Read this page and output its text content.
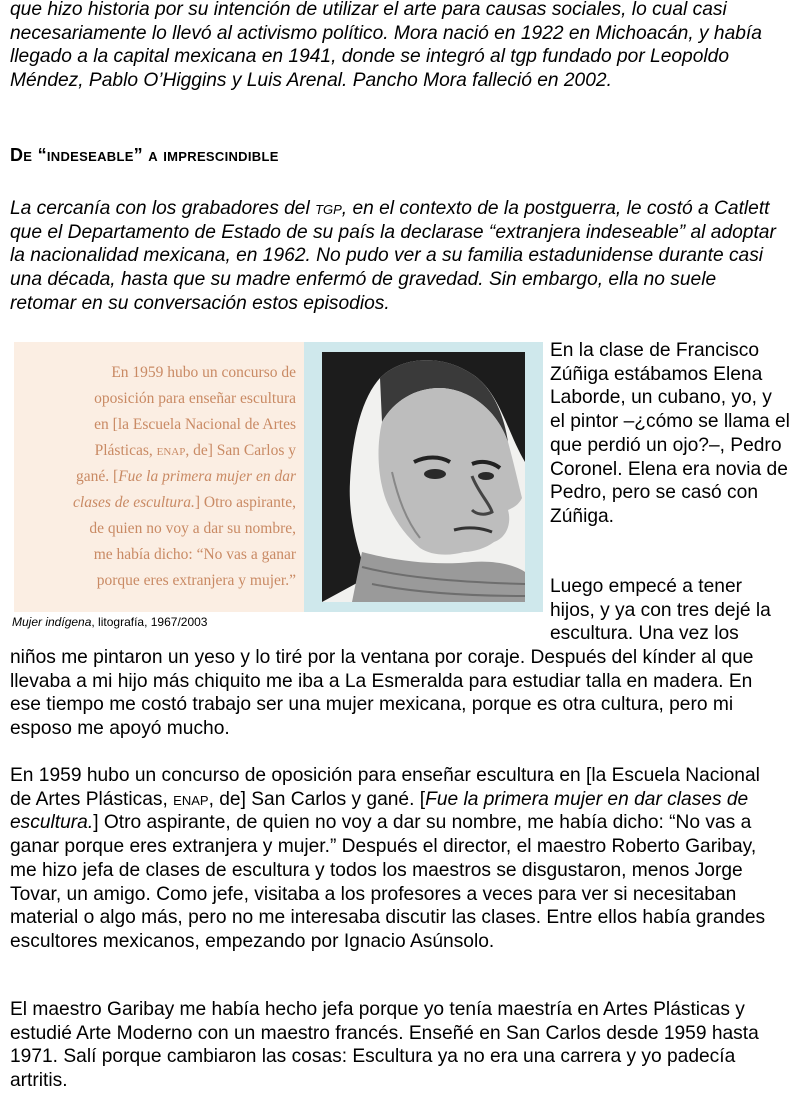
que hizo historia por su intención de utilizar el arte para causas sociales, lo cual casi necesariamente lo llevó al activismo político. Mora nació en 1922 en Michoacán, y había llegado a la capital mexicana en 1941, donde se integró al tgp fundado por Leopoldo Méndez, Pablo O’Higgins y Luis Arenal. Pancho Mora falleció en 2002.

De “indeseable” a imprescindible

La cercanía con los grabadores del tgp, en el contexto de la postguerra, le costó a Catlett que el Departamento de Estado de su país la declarase “extranjera indeseable” al adoptar la nacionalidad mexicana, en 1962. No pudo ver a su familia estadunidense durante casi una década, hasta que su madre enfermó de gravedad. Sin embargo, ella no suele retomar en su conversación estos episodios.

En 1959 hubo un concurso de
oposición para enseñar escultura
en [la Escuela Nacional de Artes
Plásticas, enap, de] San Carlos y
gané. [Fue la primera mujer en dar
clases de escultura.] Otro aspirante,
de quien no voy a dar su nombre,
me había dicho: “No vas a ganar
porque eres extranjera y mujer.”
Mujer indígena, litografía, 1967/2003

En la clase de Francisco Zúñiga estábamos Elena Laborde, un cubano, yo, y el pintor –¿cómo se llama el que perdió un ojo?–, Pedro Coronel. Elena era novia de Pedro, pero se casó con Zúñiga.

Luego empecé a tener hijos, y ya con tres dejé la escultura. Una vez los

niños me pintaron un yeso y lo tiré por la ventana por coraje. Después del kínder al que llevaba a mi hijo más chiquito me iba a La Esmeralda para estudiar talla en madera. En ese tiempo me costó trabajo ser una mujer mexicana, porque es otra cultura, pero mi esposo me apoyó mucho.

En 1959 hubo un concurso de oposición para enseñar escultura en [la Escuela Nacional de Artes Plásticas, enap, de] San Carlos y gané. [Fue la primera mujer en dar clases de escultura.] Otro aspirante, de quien no voy a dar su nombre, me había dicho: “No vas a ganar porque eres extranjera y mujer.” Después el director, el maestro Roberto Garibay, me hizo jefa de clases de escultura y todos los maestros se disgustaron, menos Jorge Tovar, un amigo. Como jefe, visitaba a los profesores a veces para ver si necesitaban material o algo más, pero no me interesaba discutir las clases. Entre ellos había grandes escultores mexicanos, empezando por Ignacio Asúnsolo.

El maestro Garibay me había hecho jefa porque yo tenía maestría en Artes Plásticas y estudié Arte Moderno con un maestro francés. Enseñé en San Carlos desde 1959 hasta 1971. Salí porque cambiaron las cosas: Escultura ya no era una carrera y yo padecía artritis.
